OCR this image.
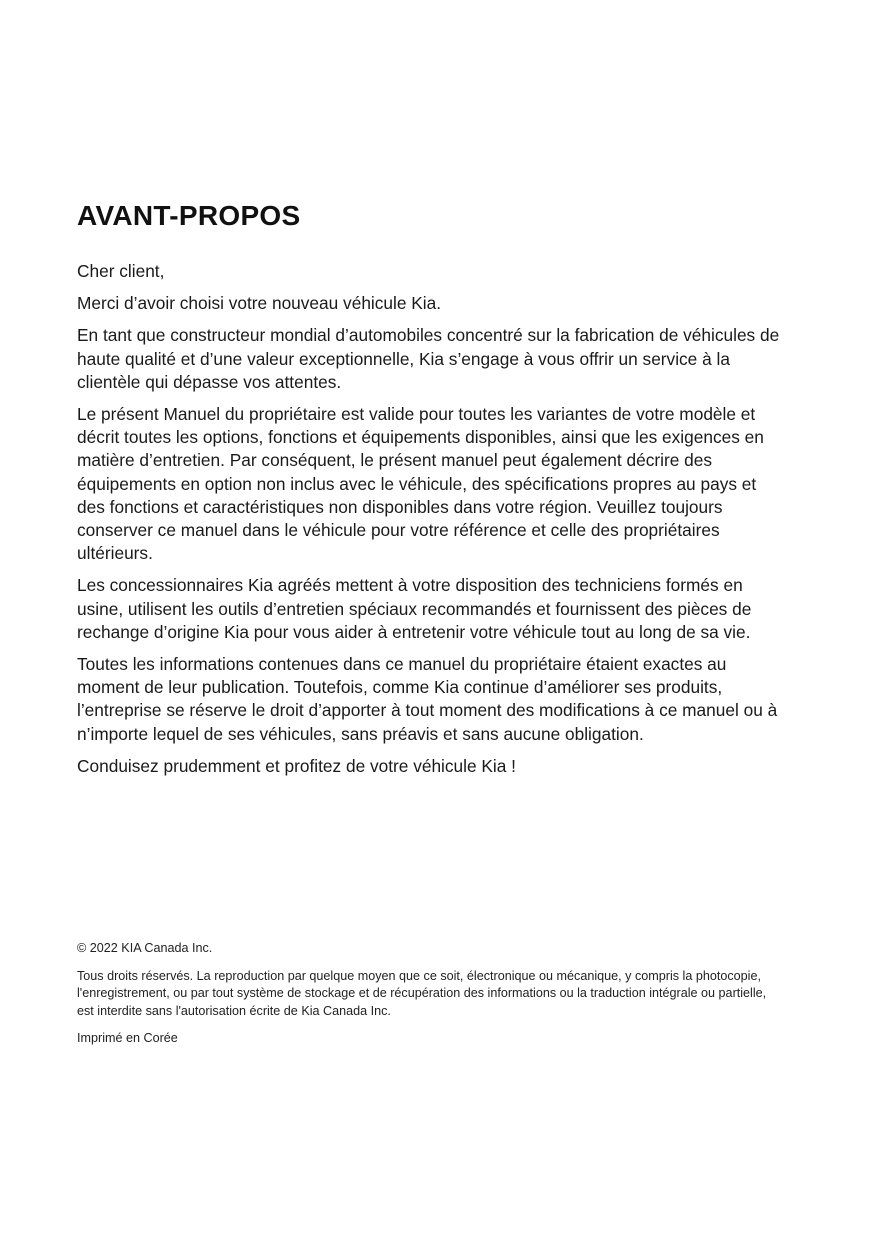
AVANT-PROPOS

Cher client,

Merci d’avoir choisi votre nouveau véhicule Kia.

En tant que constructeur mondial d’automobiles concentré sur la fabrication de véhicules de haute qualité et d’une valeur exceptionnelle, Kia s’engage à vous offrir un service à la clientèle qui dépasse vos attentes.

Le présent Manuel du propriétaire est valide pour toutes les variantes de votre modèle et décrit toutes les options, fonctions et équipements disponibles, ainsi que les exigences en matière d’entretien. Par conséquent, le présent manuel peut également décrire des équipements en option non inclus avec le véhicule, des spécifications propres au pays et des fonctions et caractéristiques non disponibles dans votre région. Veuillez toujours conserver ce manuel dans le véhicule pour votre référence et celle des propriétaires ultérieurs.

Les concessionnaires Kia agréés mettent à votre disposition des techniciens formés en usine, utilisent les outils d’entretien spéciaux recommandés et fournissent des pièces de rechange d’origine Kia pour vous aider à entretenir votre véhicule tout au long de sa vie.

Toutes les informations contenues dans ce manuel du propriétaire étaient exactes au moment de leur publication. Toutefois, comme Kia continue d’améliorer ses produits, l’entreprise se réserve le droit d’apporter à tout moment des modifications à ce manuel ou à n’importe lequel de ses véhicules, sans préavis et sans aucune obligation.

Conduisez prudemment et profitez de votre véhicule Kia !

© 2022 KIA Canada Inc.

Tous droits réservés. La reproduction par quelque moyen que ce soit, électronique ou mécanique, y compris la photocopie, l'enregistrement, ou par tout système de stockage et de récupération des informations ou la traduction intégrale ou partielle, est interdite sans l'autorisation écrite de Kia Canada Inc.

Imprimé en Corée
